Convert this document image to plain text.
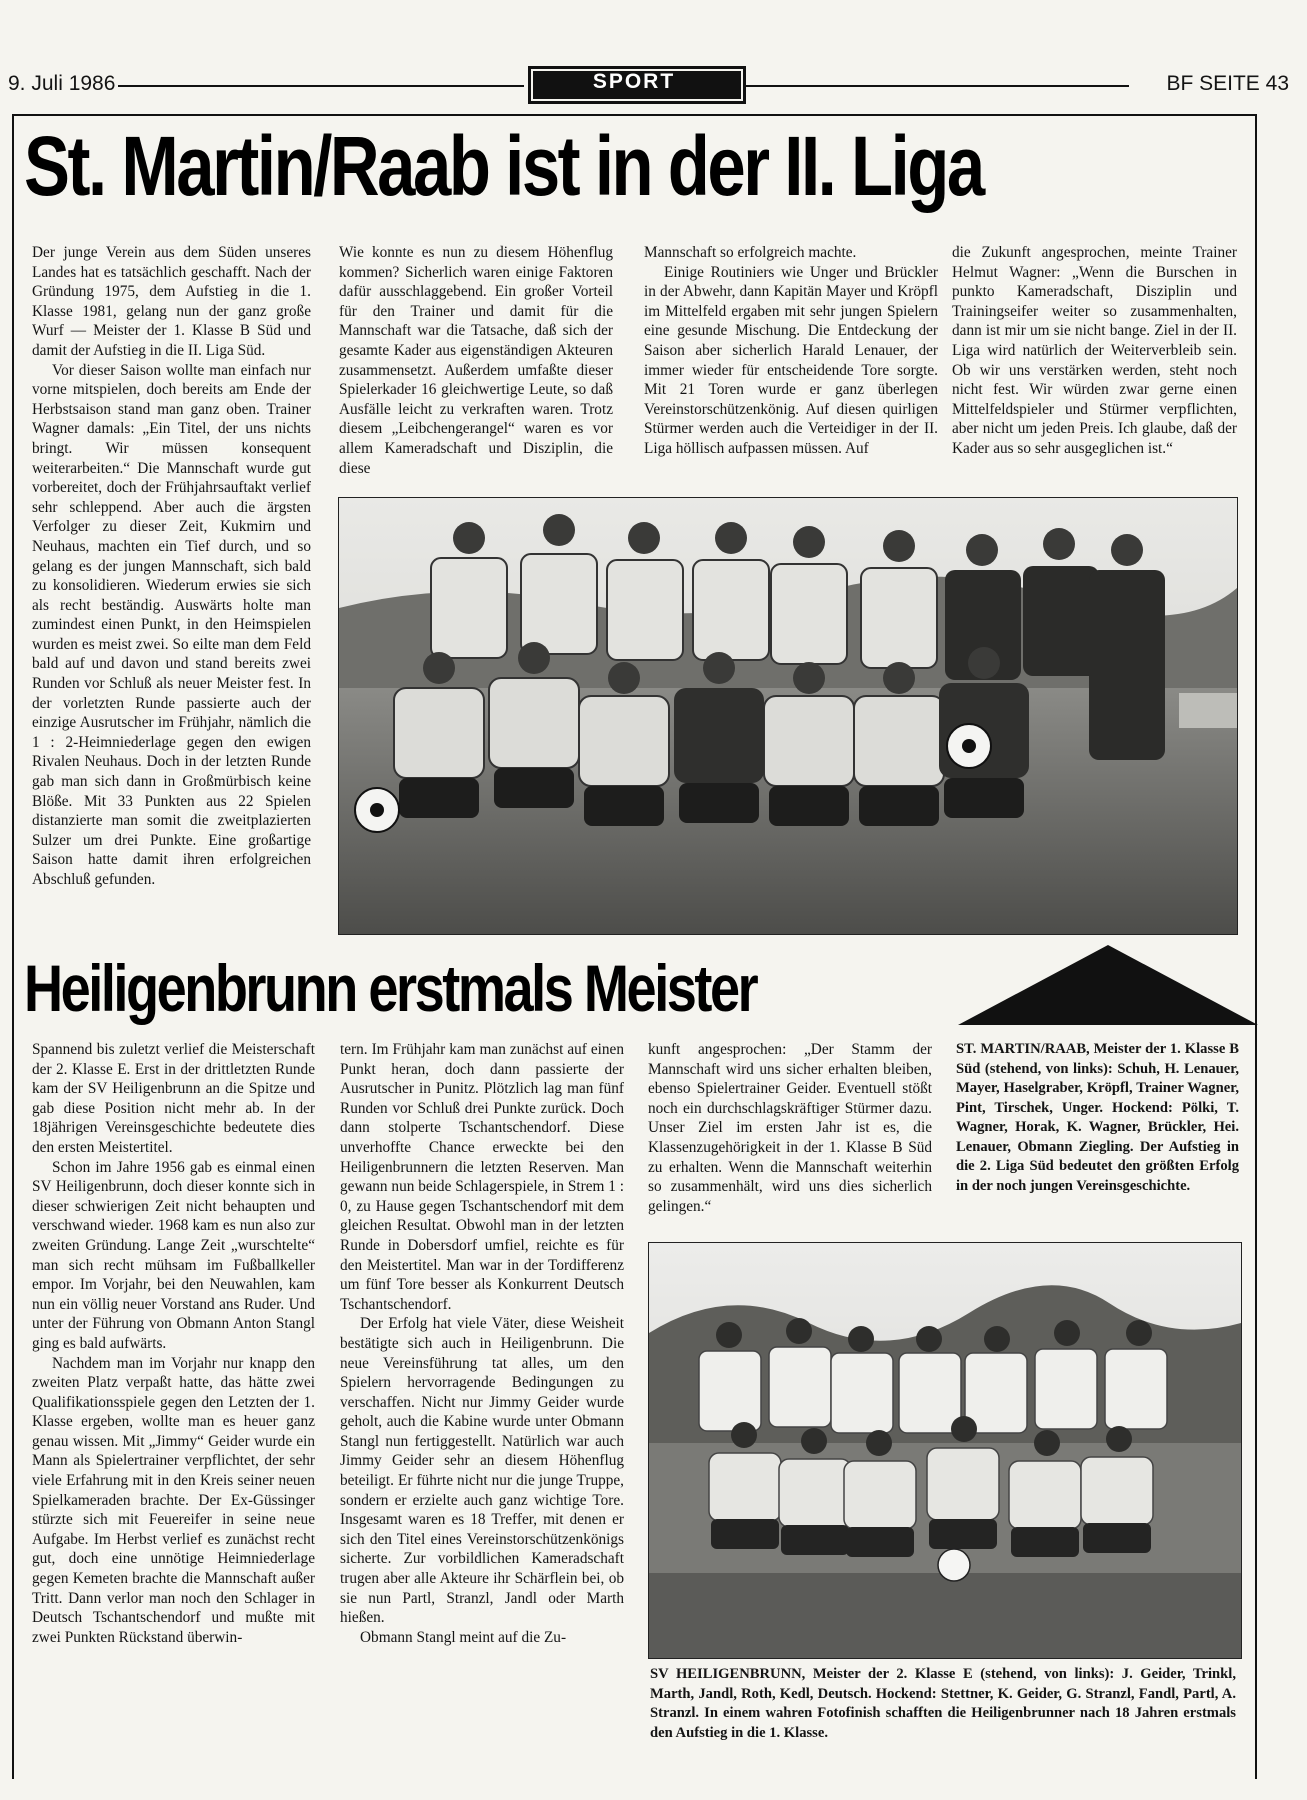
9. Juli 1986	SPORT	BF SEITE 43
St. Martin/Raab ist in der II. Liga

Der junge Verein aus dem Süden unseres Landes hat es tatsächlich geschafft. Nach der Gründung 1975, dem Aufstieg in die 1. Klasse 1981, gelang nun der ganz große Wurf — Meister der 1. Klasse B Süd und damit der Aufstieg in die II. Liga Süd.

Vor dieser Saison wollte man einfach nur vorne mitspielen, doch bereits am Ende der Herbstsaison stand man ganz oben. Trainer Wagner damals: „Ein Titel, der uns nichts bringt. Wir müssen konsequent weiterarbeiten.“ Die Mannschaft wurde gut vorbereitet, doch der Frühjahrsauftakt verlief sehr schleppend. Aber auch die ärgsten Verfolger zu dieser Zeit, Kukmirn und Neuhaus, machten ein Tief durch, und so gelang es der jungen Mannschaft, sich bald zu konsolidieren. Wiederum erwies sie sich als recht beständig. Auswärts holte man zumindest einen Punkt, in den Heimspielen wurden es meist zwei. So eilte man dem Feld bald auf und davon und stand bereits zwei Runden vor Schluß als neuer Meister fest. In der vorletzten Runde passierte auch der einzige Ausrutscher im Frühjahr, nämlich die 1 : 2-Heimniederlage gegen den ewigen Rivalen Neuhaus. Doch in der letzten Runde gab man sich dann in Großmürbisch keine Blöße. Mit 33 Punkten aus 22 Spielen distanzierte man somit die zweitplazierten Sulzer um drei Punkte. Eine großartige Saison hatte damit ihren erfolgreichen Abschluß gefunden.

Wie konnte es nun zu diesem Höhenflug kommen? Sicherlich waren einige Faktoren dafür ausschlaggebend. Ein großer Vorteil für den Trainer und damit für die Mannschaft war die Tatsache, daß sich der gesamte Kader aus eigenständigen Akteuren zusammensetzt. Außerdem umfaßte dieser Spielerkader 16 gleichwertige Leute, so daß Ausfälle leicht zu verkraften waren. Trotz diesem „Leibchengerangel“ waren es vor allem Kameradschaft und Disziplin, die diese

Mannschaft so erfolgreich machte.

Einige Routiniers wie Unger und Brückler in der Abwehr, dann Kapitän Mayer und Kröpfl im Mittelfeld ergaben mit sehr jungen Spielern eine gesunde Mischung. Die Entdeckung der Saison aber sicherlich Harald Lenauer, der immer wieder für entscheidende Tore sorgte. Mit 21 Toren wurde er ganz überlegen Vereinstorschützenkönig. Auf diesen quirligen Stürmer werden auch die Verteidiger in der II. Liga höllisch aufpassen müssen. Auf

die Zukunft angesprochen, meinte Trainer Helmut Wagner: „Wenn die Burschen in punkto Kameradschaft, Disziplin und Trainingseifer weiter so zusammenhalten, dann ist mir um sie nicht bange. Ziel in der II. Liga wird natürlich der Weiterverbleib sein. Ob wir uns verstärken werden, steht noch nicht fest. Wir würden zwar gerne einen Mittelfeldspieler und Stürmer verpflichten, aber nicht um jeden Preis. Ich glaube, daß der Kader aus so sehr ausgeglichen ist.“

Heiligenbrunn erstmals Meister

Spannend bis zuletzt verlief die Meisterschaft der 2. Klasse E. Erst in der drittletzten Runde kam der SV Heiligenbrunn an die Spitze und gab diese Position nicht mehr ab. In der 18jährigen Vereinsgeschichte bedeutete dies den ersten Meistertitel.

Schon im Jahre 1956 gab es einmal einen SV Heiligenbrunn, doch dieser konnte sich in dieser schwierigen Zeit nicht behaupten und verschwand wieder. 1968 kam es nun also zur zweiten Gründung. Lange Zeit „wurschtelte“ man sich recht mühsam im Fußballkeller empor. Im Vorjahr, bei den Neuwahlen, kam nun ein völlig neuer Vorstand ans Ruder. Und unter der Führung von Obmann Anton Stangl ging es bald aufwärts.

Nachdem man im Vorjahr nur knapp den zweiten Platz verpaßt hatte, das hätte zwei Qualifikationsspiele gegen den Letzten der 1. Klasse ergeben, wollte man es heuer ganz genau wissen. Mit „Jimmy“ Geider wurde ein Mann als Spielertrainer verpflichtet, der sehr viele Erfahrung mit in den Kreis seiner neuen Spielkameraden brachte. Der Ex-Güssinger stürzte sich mit Feuereifer in seine neue Aufgabe. Im Herbst verlief es zunächst recht gut, doch eine unnötige Heimniederlage gegen Kemeten brachte die Mannschaft außer Tritt. Dann verlor man noch den Schlager in Deutsch Tschantschendorf und mußte mit zwei Punkten Rückstand überwin-

tern. Im Frühjahr kam man zunächst auf einen Punkt heran, doch dann passierte der Ausrutscher in Punitz. Plötzlich lag man fünf Runden vor Schluß drei Punkte zurück. Doch dann stolperte Tschantschendorf. Diese unverhoffte Chance erweckte bei den Heiligenbrunnern die letzten Reserven. Man gewann nun beide Schlagerspiele, in Strem 1 : 0, zu Hause gegen Tschantschendorf mit dem gleichen Resultat. Obwohl man in der letzten Runde in Dobersdorf umfiel, reichte es für den Meistertitel. Man war in der Tordifferenz um fünf Tore besser als Konkurrent Deutsch Tschantschendorf.

Der Erfolg hat viele Väter, diese Weisheit bestätigte sich auch in Heiligenbrunn. Die neue Vereinsführung tat alles, um den Spielern hervorragende Bedingungen zu verschaffen. Nicht nur Jimmy Geider wurde geholt, auch die Kabine wurde unter Obmann Stangl nun fertiggestellt. Natürlich war auch Jimmy Geider sehr an diesem Höhenflug beteiligt. Er führte nicht nur die junge Truppe, sondern er erzielte auch ganz wichtige Tore. Insgesamt waren es 18 Treffer, mit denen er sich den Titel eines Vereinstorschützenkönigs sicherte. Zur vorbildlichen Kameradschaft trugen aber alle Akteure ihr Schärflein bei, ob sie nun Partl, Stranzl, Jandl oder Marth hießen.

Obmann Stangl meint auf die Zu-

kunft angesprochen: „Der Stamm der Mannschaft wird uns sicher erhalten bleiben, ebenso Spielertrainer Geider. Eventuell stößt noch ein durchschlagskräftiger Stürmer dazu. Unser Ziel im ersten Jahr ist es, die Klassenzugehörigkeit in der 1. Klasse B Süd zu erhalten. Wenn die Mannschaft weiterhin so zusammenhält, wird uns dies sicherlich gelingen.“

ST. MARTIN/RAAB, Meister der 1. Klasse B Süd (stehend, von links): Schuh, H. Lenauer, Mayer, Haselgraber, Kröpfl, Trainer Wagner, Pint, Tirschek, Unger. Hockend: Pölki, T. Wagner, Horak, K. Wagner, Brückler, Hei. Lenauer, Obmann Ziegling. Der Aufstieg in die 2. Liga Süd bedeutet den größten Erfolg in der noch jungen Vereinsgeschichte.
SV HEILIGENBRUNN, Meister der 2. Klasse E (stehend, von links): J. Geider, Trinkl, Marth, Jandl, Roth, Kedl, Deutsch. Hockend: Stettner, K. Geider, G. Stranzl, Fandl, Partl, A. Stranzl. In einem wahren Fotofinish schafften die Heiligenbrunner nach 18 Jahren erstmals den Aufstieg in die 1. Klasse.
